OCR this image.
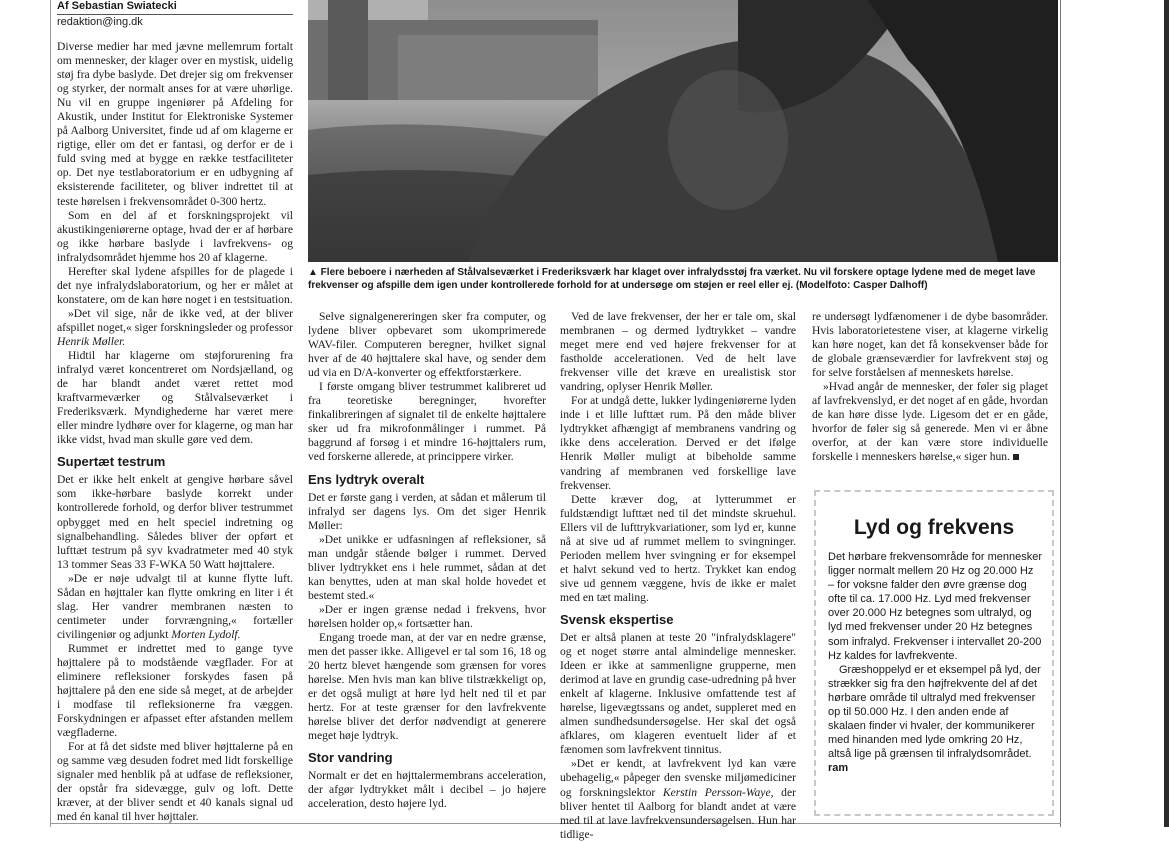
Af Sebastian Swiatecki
redaktion@ing.dk
▲ Flere beboere i nærheden af Stålvalseværket i Frederiksværk har klaget over infralydsstøj fra værket. Nu vil forskere optage lydene med de meget lave frekvenser og afspille dem igen under kontrollerede forhold for at undersøge om støjen er reel eller ej. (Modelfoto: Casper Dalhoff)

Diverse medier har med jævne mellemrum fortalt om mennesker, der klager over en mystisk, uidelig støj fra dybe baslyde. Det drejer sig om frekvenser og styrker, der normalt anses for at være uhørlige. Nu vil en gruppe ingeniører på Afdeling for Akustik, under Institut for Elektroniske Systemer på Aalborg Universitet, finde ud af om klagerne er rigtige, eller om det er fantasi, og derfor er de i fuld sving med at bygge en række testfaciliteter op. Det nye testlaboratorium er en udbygning af eksisterende faciliteter, og bliver indrettet til at teste hørelsen i frekvensområdet 0-300 hertz.

Som en del af et forskningsprojekt vil akustikingeniørerne optage, hvad der er af hørbare og ikke hørbare baslyde i lavfrekvens- og infralydsområdet hjemme hos 20 af klagerne.

Herefter skal lydene afspilles for de plagede i det nye infralydslaboratorium, og her er målet at konstatere, om de kan høre noget i en testsituation.

»Det vil sige, når de ikke ved, at der bliver afspillet noget,« siger forskningsleder og professor Henrik Møller.

Hidtil har klagerne om støjforurening fra infralyd været koncentreret om Nordsjælland, og de har blandt andet været rettet mod kraftvarmeværker og Stålvalseværket i Frederiksværk. Myndighederne har været mere eller mindre lydhøre over for klagerne, og man har ikke vidst, hvad man skulle gøre ved dem.

Supertæt testrum

Det er ikke helt enkelt at gengive hørbare såvel som ikke-hørbare baslyde korrekt under kontrollerede forhold, og derfor bliver testrummet opbygget med en helt speciel indretning og signalbehandling. Således bliver der opført et lufttæt testrum på syv kvadratmeter med 40 styk 13 tommer Seas 33 F-WKA 50 Watt højttalere.

»De er nøje udvalgt til at kunne flytte luft. Sådan en højttaler kan flytte omkring en liter i ét slag. Her vandrer membranen næsten to centimeter under forvrængning,« fortæller civilingeniør og adjunkt Morten Lydolf.

Rummet er indrettet med to gange tyve højttalere på to modstående vægflader. For at eliminere refleksioner forskydes fasen på højttalere på den ene side så meget, at de arbejder i modfase til refleksionerne fra væggen. Forskydningen er afpasset efter afstanden mellem vægfladerne.

For at få det sidste med bliver højttalerne på en og samme væg desuden fodret med lidt forskellige signaler med henblik på at udfase de refleksioner, der opstår fra sidevægge, gulv og loft. Dette kræver, at der bliver sendt et 40 kanals signal ud med én kanal til hver højttaler.

Selve signalgenereringen sker fra computer, og lydene bliver opbevaret som ukomprimerede WAV-filer. Computeren beregner, hvilket signal hver af de 40 højttalere skal have, og sender dem ud via en D/A-konverter og effektforstærkere.

I første omgang bliver testrummet kalibreret ud fra teoretiske beregninger, hvorefter finkalibreringen af signalet til de enkelte højttalere sker ud fra mikrofonmålinger i rummet. På baggrund af forsøg i et mindre 16-højttalers rum, ved forskerne allerede, at princippere virker.

Ens lydtryk overalt

Det er første gang i verden, at sådan et målerum til infralyd ser dagens lys. Om det siger Henrik Møller:

»Det unikke er udfasningen af refleksioner, så man undgår stående bølger i rummet. Derved bliver lydtrykket ens i hele rummet, sådan at det kan benyttes, uden at man skal holde hovedet et bestemt sted.«

»Der er ingen grænse nedad i frekvens, hvor hørelsen holder op,« fortsætter han.

Engang troede man, at der var en nedre grænse, men det passer ikke. Alligevel er tal som 16, 18 og 20 hertz blevet hængende som grænsen for vores hørelse. Men hvis man kan blive tilstrækkeligt op, er det også muligt at høre lyd helt ned til et par hertz. For at teste grænser for den lavfrekvente hørelse bliver det derfor nødvendigt at generere meget høje lydtryk.

Stor vandring

Normalt er det en højttalermembrans acceleration, der afgør lydtrykket målt i decibel – jo højere acceleration, desto højere lyd.

Ved de lave frekvenser, der her er tale om, skal membranen – og dermed lydtrykket – vandre meget mere end ved højere frekvenser for at fastholde accelerationen. Ved de helt lave frekvenser ville det kræve en urealistisk stor vandring, oplyser Henrik Møller.

For at undgå dette, lukker lydingeniørerne lyden inde i et lille lufttæt rum. På den måde bliver lydtrykket afhængigt af membranens vandring og ikke dens acceleration. Derved er det ifølge Henrik Møller muligt at bibeholde samme vandring af membranen ved forskellige lave frekvenser.

Dette kræver dog, at lytterummet er fuldstændigt lufttæt ned til det mindste skruehul. Ellers vil de lufttrykvariationer, som lyd er, kunne nå at sive ud af rummet mellem to svingninger. Perioden mellem hver svingning er for eksempel et halvt sekund ved to hertz. Trykket kan endog sive ud gennem væggene, hvis de ikke er malet med en tæt maling.

Svensk ekspertise

Det er altså planen at teste 20 "infralydsklagere" og et noget større antal almindelige mennesker. Ideen er ikke at sammenligne grupperne, men derimod at lave en grundig case-udredning på hver enkelt af klagerne. Inklusive omfattende test af hørelse, ligevægtssans og andet, suppleret med en almen sundhedsundersøgelse. Her skal det også afklares, om klageren eventuelt lider af et fænomen som lavfrekvent tinnitus.

»Det er kendt, at lavfrekvent lyd kan være ubehagelig,« påpeger den svenske miljømediciner og forskningslektor Kerstin Persson-Waye, der bliver hentet til Aalborg for blandt andet at være med til at lave lavfrekvensundersøgelsen. Hun har tidlige-

re undersøgt lydfænomener i de dybe basområder. Hvis laboratorietestene viser, at klagerne virkelig kan høre noget, kan det få konsekvenser både for de globale grænseværdier for lavfrekvent støj og for selve forståelsen af menneskets hørelse.

»Hvad angår de mennesker, der føler sig plaget af lavfrekvenslyd, er det noget af en gåde, hvordan de kan høre disse lyde. Ligesom det er en gåde, hvorfor de føler sig så generede. Men vi er åbne overfor, at der kan være store individuelle forskelle i menneskers hørelse,« siger hun.

Lyd og frekvens

Det hørbare frekvensområde for mennesker ligger normalt mellem 20 Hz og 20.000 Hz – for voksne falder den øvre grænse dog ofte til ca. 17.000 Hz. Lyd med frekvenser over 20.000 Hz betegnes som ultralyd, og lyd med frekvenser under 20 Hz betegnes som infralyd. Frekvenser i intervallet 20-200 Hz kaldes for lavfrekvente.

Græshoppelyd er et eksempel på lyd, der strækker sig fra den højfrekvente del af det hørbare område til ultralyd med frekvenser op til 50.000 Hz. I den anden ende af skalaen finder vi hvaler, der kommunikerer med hinanden med lyde omkring 20 Hz, altså lige på grænsen til infralydsområdet. ram
